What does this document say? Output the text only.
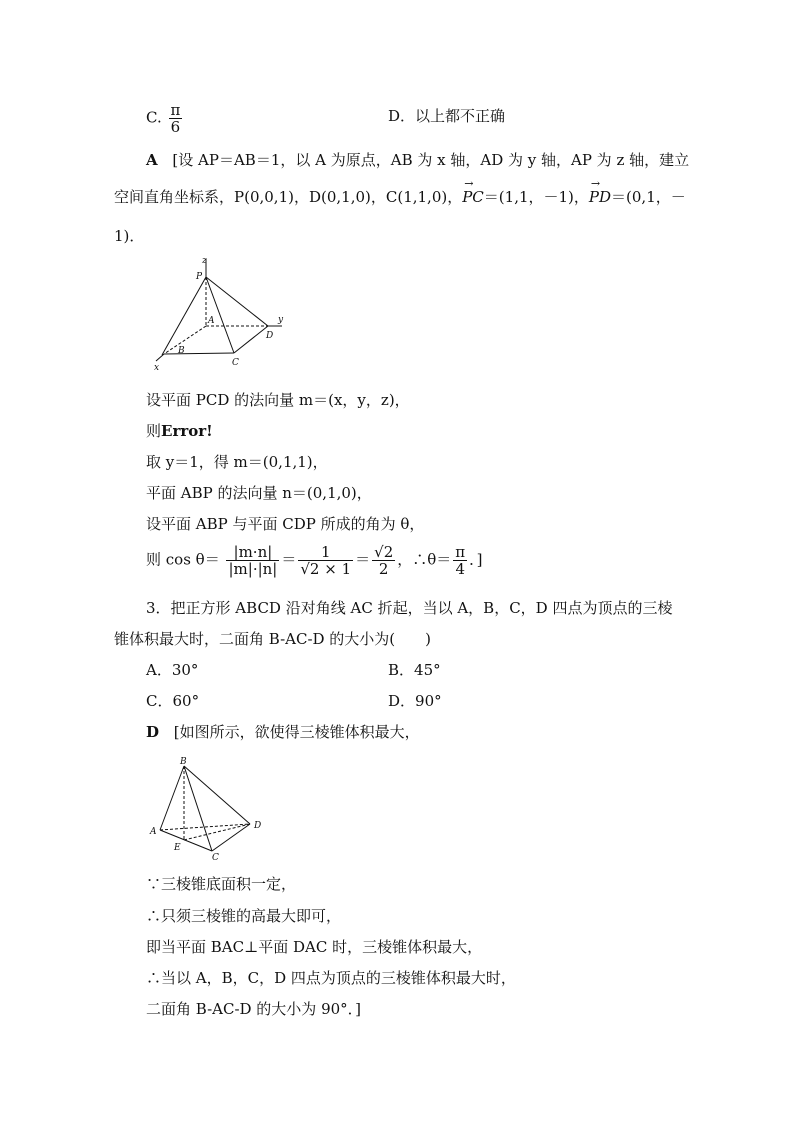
C. $\frac{\pi}{6}$	D．以上都不正确
A [设 AP＝AB＝1，以 A 为原点，AB 为 x 轴，AD 为 y 轴，AP 为 z 轴，建立
空间直角坐标系，P(0,0,1)，D(0,1,0)，C(1,1,0)，→ PC＝(1,1，－1)，→ PD＝(0,1，－
1)．
z
P
A	y
D
B
C
x
设平面 PCD 的法向量 m＝(x，y，z)，
则Error!
取 y＝1，得 m＝(0,1,1)，
平面 ABP 的法向量 n＝(0,1,0)，
设平面 ABP 与平面 CDP 所成的角为 θ，
则 $\cos \theta= \frac{|m\cdot n|}{|m|\cdot|n|} = \frac{1}{√2 \times 1} = \frac{√2}{2}$ ，∴θ＝ $\frac{\pi}{4}$ ．]
3．把正方形 ABCD 沿对角线 AC 折起，当以 A，B，C，D 四点为顶点的三棱
锥体积最大时，二面角 B-AC-D 的大小为(　　)
A．30°	B．45°
C．60°	D．90°
D [如图所示，欲使得三棱锥体积最大，
B
A
D
E
C
∵三棱锥底面积一定，
∴只须三棱锥的高最大即可，
即当平面 BAC⊥平面 DAC 时，三棱锥体积最大，
∴当以 A，B，C，D 四点为顶点的三棱锥体积最大时，
二面角 B-AC-D 的大小为 90°．]
